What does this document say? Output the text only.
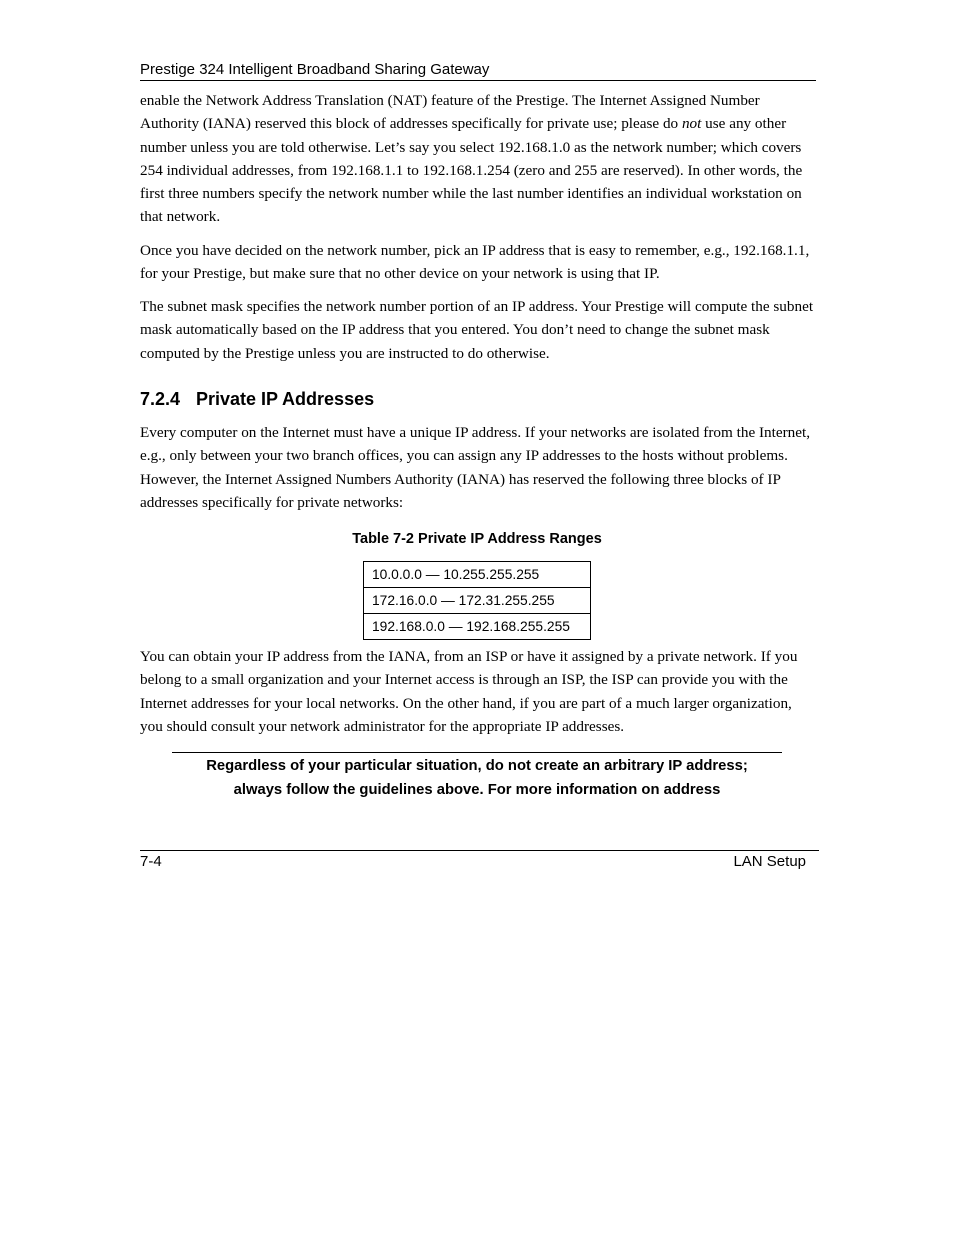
Prestige 324 Intelligent Broadband Sharing Gateway

enable the Network Address Translation (NAT) feature of the Prestige. The Internet Assigned Number Authority (IANA) reserved this block of addresses specifically for private use; please do not use any other number unless you are told otherwise. Let’s say you select 192.168.1.0 as the network number; which covers 254 individual addresses, from 192.168.1.1 to 192.168.1.254 (zero and 255 are reserved). In other words, the first three numbers specify the network number while the last number identifies an individual workstation on that network.

Once you have decided on the network number, pick an IP address that is easy to remember, e.g., 192.168.1.1, for your Prestige, but make sure that no other device on your network is using that IP.

The subnet mask specifies the network number portion of an IP address. Your Prestige will compute the subnet mask automatically based on the IP address that you entered. You don’t need to change the subnet mask computed by the Prestige unless you are instructed to do otherwise.

7.2.4 Private IP Addresses

Every computer on the Internet must have a unique IP address. If your networks are isolated from the Internet, e.g., only between your two branch offices, you can assign any IP addresses to the hosts without problems. However, the Internet Assigned Numbers Authority (IANA) has reserved the following three blocks of IP addresses specifically for private networks:

Table 7-2 Private IP Address Ranges
10.0.0.0 — 10.255.255.255
172.16.0.0 — 172.31.255.255
192.168.0.0 — 192.168.255.255

You can obtain your IP address from the IANA, from an ISP or have it assigned by a private network. If you belong to a small organization and your Internet access is through an ISP, the ISP can provide you with the Internet addresses for your local networks. On the other hand, if you are part of a much larger organization, you should consult your network administrator for the appropriate IP addresses.

Regardless of your particular situation, do not create an arbitrary IP address;
always follow the guidelines above. For more information on address

7-4	LAN Setup
